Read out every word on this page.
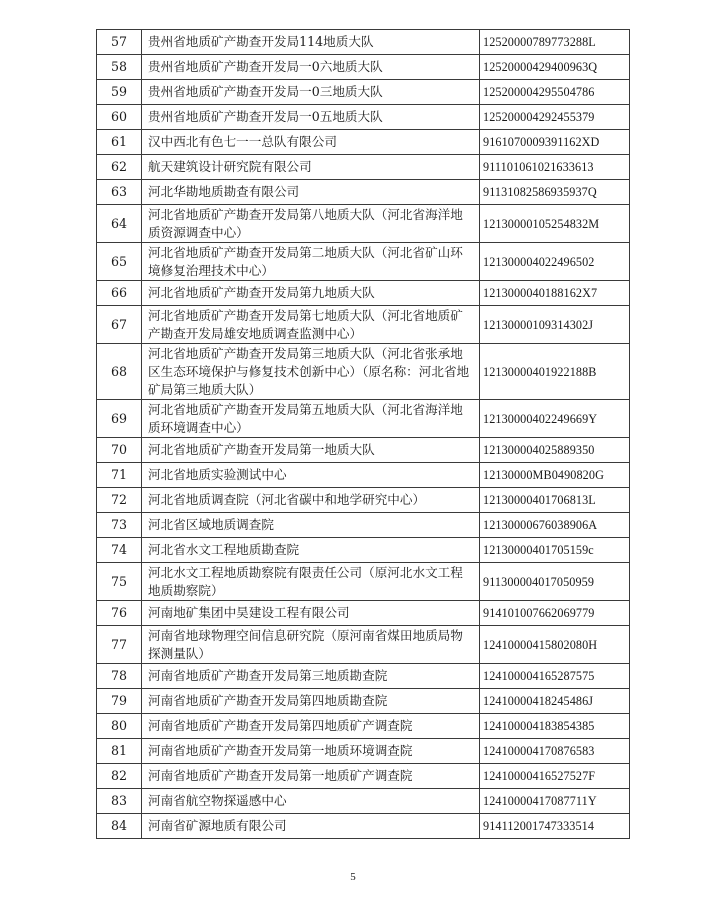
57	贵州省地质矿产勘查开发局114地质大队	12520000789773288L
58	贵州省地质矿产勘查开发局一0六地质大队	12520000429400963Q
59	贵州省地质矿产勘查开发局一0三地质大队	125200004295504786
60	贵州省地质矿产勘查开发局一0五地质大队	125200004292455379
61	汉中西北有色七一一总队有限公司	9161070009391162XD
62	航天建筑设计研究院有限公司	911101061021633613
63	河北华勘地质勘查有限公司	91131082586935937Q
64	河北省地质矿产勘查开发局第八地质大队（河北省海洋地质资源调查中心）	12130000105254832M
65	河北省地质矿产勘查开发局第二地质大队（河北省矿山环境修复治理技术中心）	121300004022496502
66	河北省地质矿产勘查开发局第九地质大队	1213000040188162X7
67	河北省地质矿产勘查开发局第七地质大队（河北省地质矿产勘查开发局雄安地质调查监测中心）	12130000109314302J
68	河北省地质矿产勘查开发局第三地质大队（河北省张承地区生态环境保护与修复技术创新中心）（原名称：河北省地矿局第三地质大队）	12130000401922188B
69	河北省地质矿产勘查开发局第五地质大队（河北省海洋地质环境调查中心）	12130000402249669Y
70	河北省地质矿产勘查开发局第一地质大队	121300004025889350
71	河北省地质实验测试中心	12130000MB0490820G
72	河北省地质调查院（河北省碳中和地学研究中心）	12130000401706813L
73	河北省区域地质调查院	12130000676038906A
74	河北省水文工程地质勘查院	12130000401705159c
75	河北水文工程地质勘察院有限责任公司（原河北水文工程地质勘察院）	911300004017050959
76	河南地矿集团中昊建设工程有限公司	914101007662069779
77	河南省地球物理空间信息研究院（原河南省煤田地质局物探测量队）	12410000415802080H
78	河南省地质矿产勘查开发局第三地质勘查院	124100004165287575
79	河南省地质矿产勘查开发局第四地质勘查院	12410000418245486J
80	河南省地质矿产勘查开发局第四地质矿产调查院	124100004183854385
81	河南省地质矿产勘查开发局第一地质环境调查院	124100004170876583
82	河南省地质矿产勘查开发局第一地质矿产调查院	12410000416527527F
83	河南省航空物探遥感中心	12410000417087711Y
84	河南省矿源地质有限公司	914112001747333514
5
